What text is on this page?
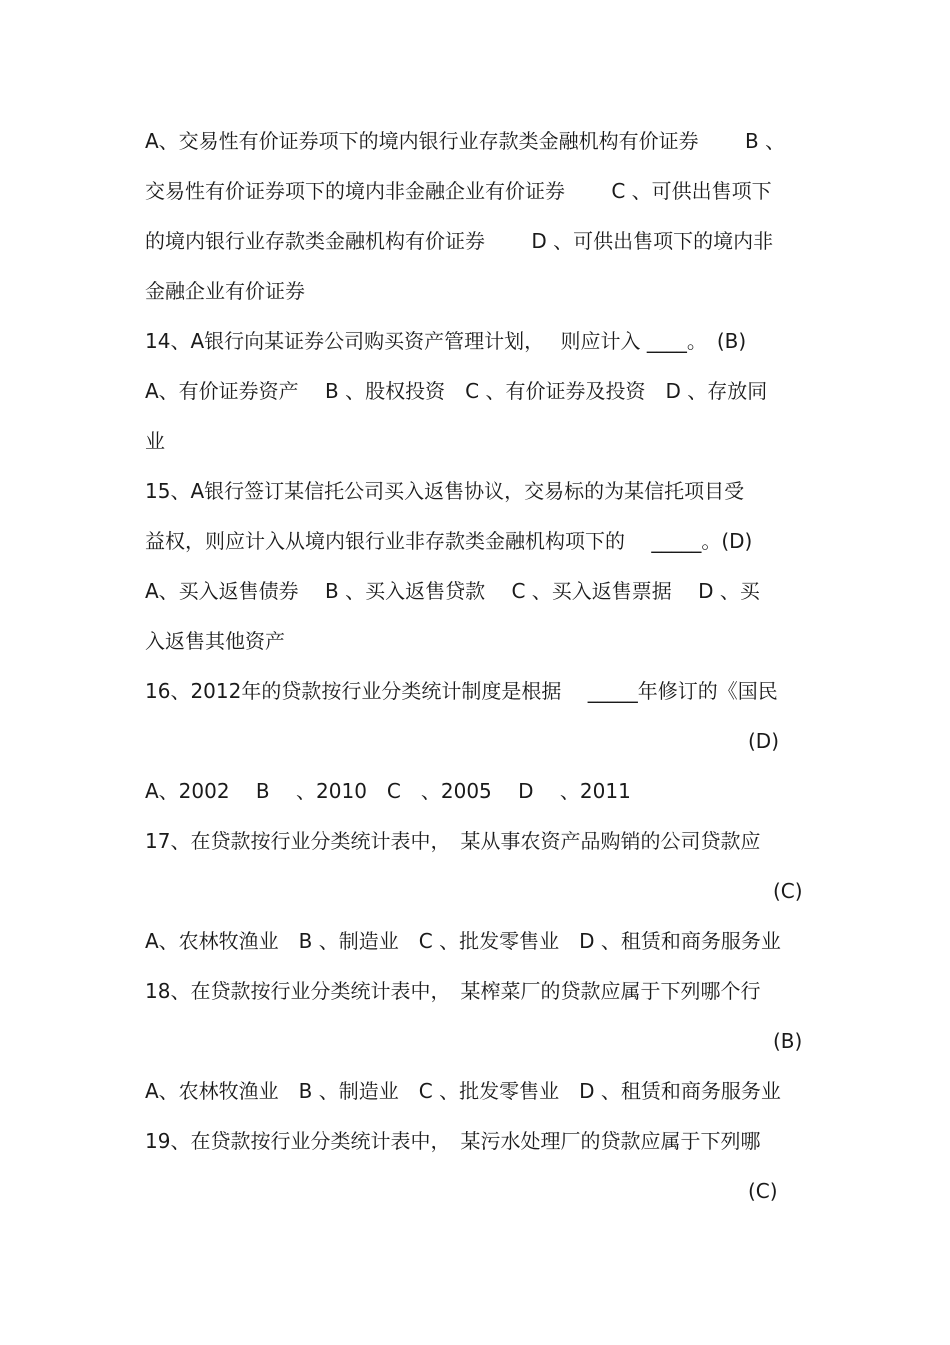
A、交易性有价证券项下的境内银行业存款类金融机构有价证券　　 B 、
交易性有价证券项下的境内非金融企业有价证券　　 C 、可供出售项下
的境内银行业存款类金融机构有价证券　　 D 、可供出售项下的境内非
金融企业有价证券
14、A银行向某证券公司购买资产管理计划，　 则应计入 ____。　(B)
A、有价证券资产　 B 、股权投资　C 、有价证券及投资　D 、存放同
业
15、A银行签订某信托公司买入返售协议，交易标的为某信托项目受
益权，则应计入从境内银行业非存款类金融机构项下的　 _____。(D)
A、买入返售债券　 B 、买入返售贷款　 C 、买入返售票据　 D 、买
入返售其他资产
16、2012年的贷款按行业分类统计制度是根据　 _____年修订的《国民

(D)

A、2002　 B　 、2010　C　、2005　 D　 、2011
17、在贷款按行业分类统计表中，　某从事农资产品购销的公司贷款应

(C)

A、农林牧渔业　B 、制造业　C 、批发零售业　D 、租赁和商务服务业
18、在贷款按行业分类统计表中，　某榨菜厂的贷款应属于下列哪个行

(B)

A、农林牧渔业　B 、制造业　C 、批发零售业　D 、租赁和商务服务业
19、在贷款按行业分类统计表中，　某污水处理厂的贷款应属于下列哪

(C)
